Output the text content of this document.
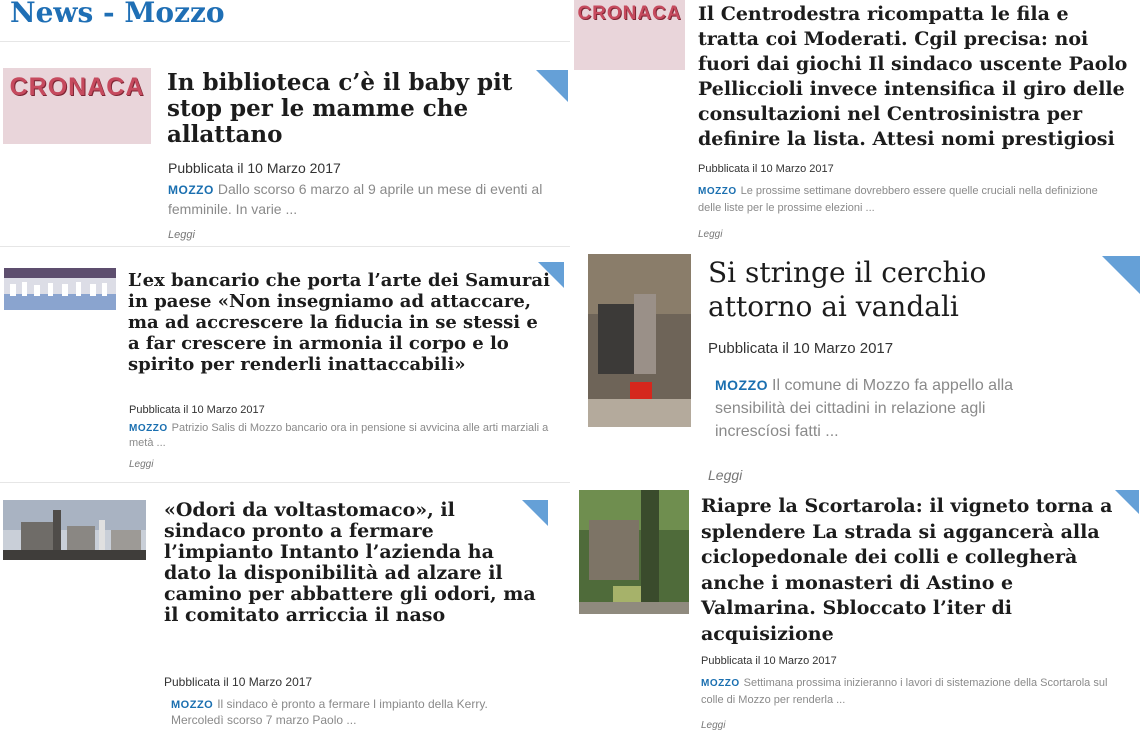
News - Mozzo
CRONACA In biblioteca c’è il baby pit stop per le mamme che allattano
Pubblicata il 10 Marzo 2017
MOZZO Dallo scorso 6 marzo al 9 aprile un mese di eventi al femminile. In varie ...
Leggi
L’ex bancario che porta l’arte dei Samurai in paese «Non insegniamo ad attaccare, ma ad accrescere la fiducia in se stessi e a far crescere in armonia il corpo e lo spirito per renderli inattaccabili»
Pubblicata il 10 Marzo 2017
MOZZO Patrizio Salis di Mozzo bancario ora in pensione si avvicina alle arti marziali a metà ...
Leggi
«Odori da voltastomaco», il sindaco pronto a fermare l’impianto Intanto l’azienda ha dato la disponibilità ad alzare il camino per abbattere gli odori, ma il comitato arriccia il naso
Pubblicata il 10 Marzo 2017
MOZZO Il sindaco è pronto a fermare l impianto della Kerry. Mercoledì scorso 7 marzo Paolo ...
CRONACA Il Centrodestra ricompatta le fila e tratta coi Moderati. Cgil precisa: noi fuori dai giochi Il sindaco uscente Paolo Pelliccioli invece intensifica il giro delle consultazioni nel Centrosinistra per definire la lista. Attesi nomi prestigiosi
Pubblicata il 10 Marzo 2017
MOZZO Le prossime settimane dovrebbero essere quelle cruciali nella definizione delle liste per le prossime elezioni ...
Leggi
Si stringe il cerchio attorno ai vandali
Pubblicata il 10 Marzo 2017
MOZZO Il comune di Mozzo fa appello alla sensibilità dei cittadini in relazione agli increscíosi fatti ...
Leggi
Riapre la Scortarola: il vigneto torna a splendere La strada si aggancerà alla ciclopedonale dei colli e collegherà anche i monasteri di Astino e Valmarina. Sbloccato l’iter di acquisizione
Pubblicata il 10 Marzo 2017
MOZZO Settimana prossima inizieranno i lavori di sistemazione della Scortarola sul colle di Mozzo per renderla ...
Leggi
